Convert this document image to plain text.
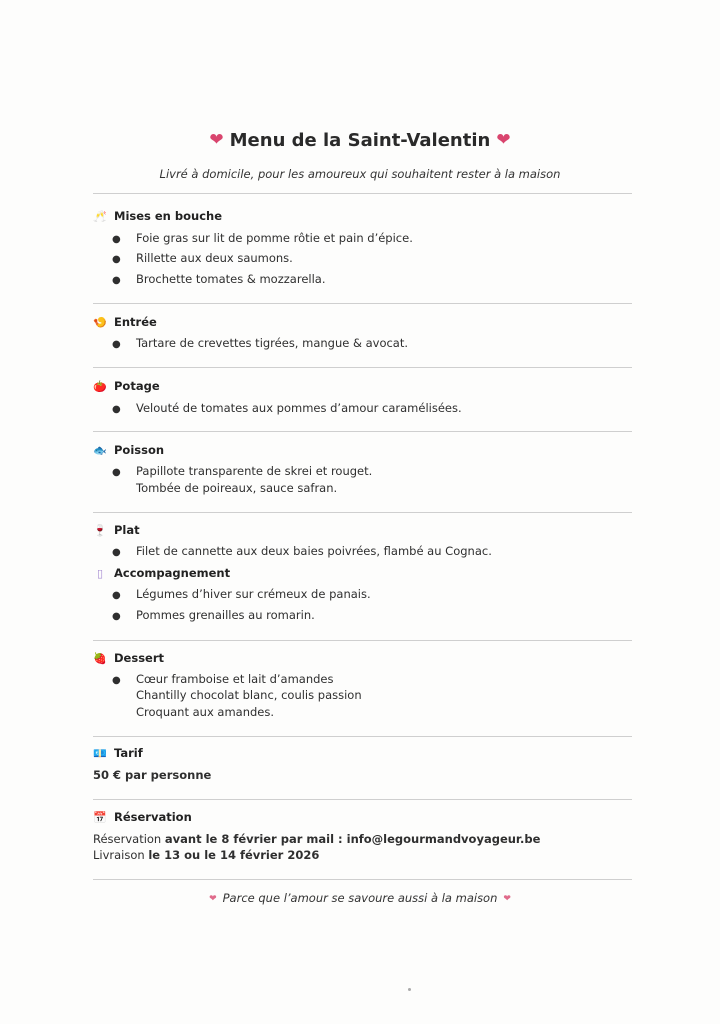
❤ Menu de la Saint-Valentin ❤
Livré à domicile, pour les amoureux qui souhaitent rester à la maison
🥂 Mises en bouche
● Foie gras sur lit de pomme rôtie et pain d’épice.
● Rillette aux deux saumons.
● Brochette tomates & mozzarella.
🍤 Entrée
● Tartare de crevettes tigrées, mangue & avocat.
🍅 Potage
● Velouté de tomates aux pommes d’amour caramélisées.
🐟 Poisson
● Papillote transparente de skrei et rouget.
Tombée de poireaux, sauce safran.
🍷 Plat
● Filet de cannette aux deux baies poivrées, flambé au Cognac.
▯ Accompagnement
● Légumes d’hiver sur crémeux de panais.
● Pommes grenailles au romarin.
🍓 Dessert
● Cœur framboise et lait d’amandes
Chantilly chocolat blanc, coulis passion
Croquant aux amandes.
💶 Tarif
50 € par personne
📅 Réservation
Réservation avant le 8 février par mail : info@legourmandvoyageur.be
Livraison le 13 ou le 14 février 2026
❤ Parce que l’amour se savoure aussi à la maison ❤
